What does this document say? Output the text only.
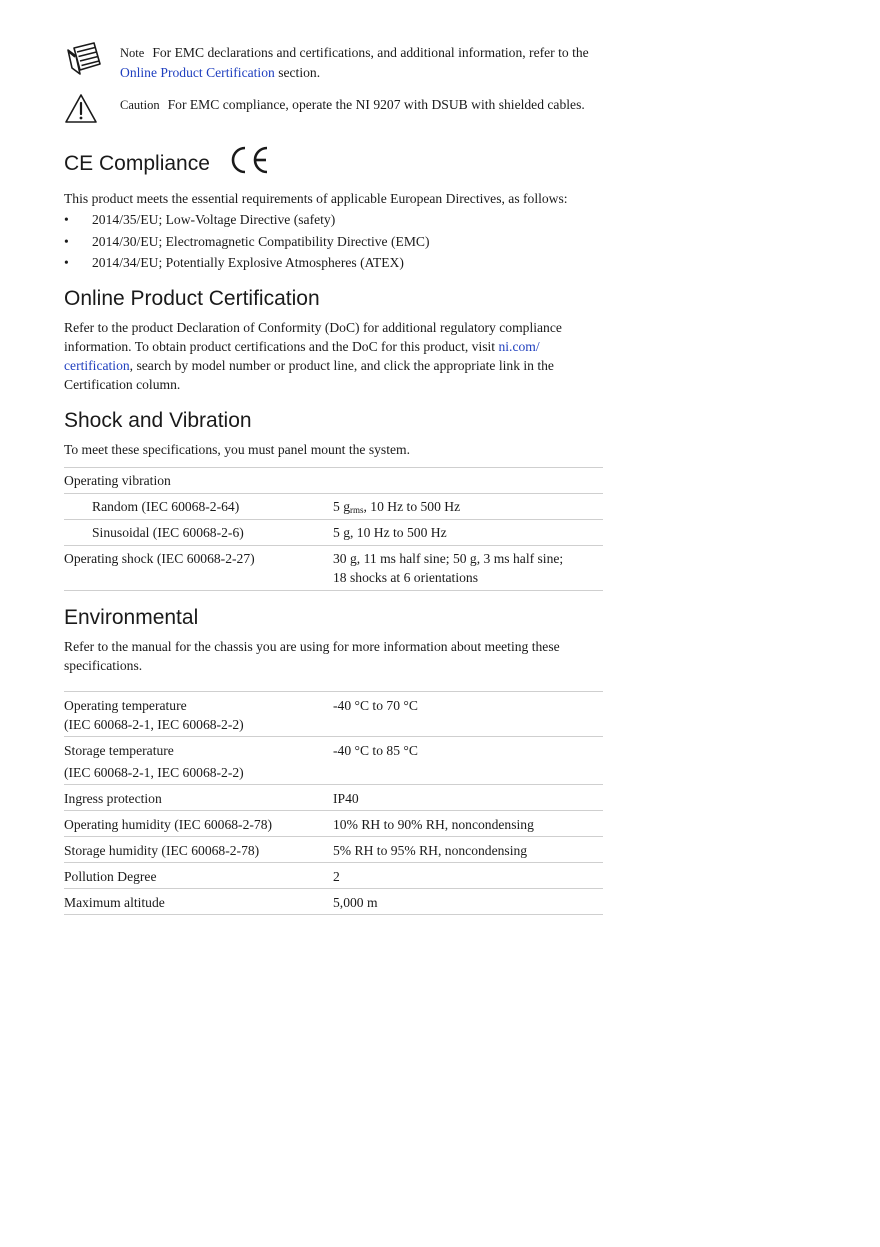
Note For EMC declarations and certifications, and additional information, refer to the Online Product Certification section.
Caution For EMC compliance, operate the NI 9207 with DSUB with shielded cables.
CE Compliance

This product meets the essential requirements of applicable European Directives, as follows:

•	2014/35/EU; Low-Voltage Directive (safety)
•	2014/30/EU; Electromagnetic Compatibility Directive (EMC)
•	2014/34/EU; Potentially Explosive Atmospheres (ATEX)
Online Product Certification

Refer to the product Declaration of Conformity (DoC) for additional regulatory compliance information. To obtain product certifications and the DoC for this product, visit ni.com/ certification, search by model number or product line, and click the appropriate link in the Certification column.

Shock and Vibration

To meet these specifications, you must panel mount the system.

Operating vibration	
Random (IEC 60068-2-64)	5 $g_{rms}$, 10 Hz to 500 Hz
Sinusoidal (IEC 60068-2-6)	5 g, 10 Hz to 500 Hz
Operating shock (IEC 60068-2-27)	30 g, 11 ms half sine; 50 g, 3 ms half sine;
18 shocks at 6 orientations
Environmental

Refer to the manual for the chassis you are using for more information about meeting these specifications.

Operating temperature
(IEC 60068-2-1, IEC 60068-2-2)	-40 °C to 70 °C

Storage temperature
(IEC 60068-2-1, IEC 60068-2-2)	-40 °C to 85 °C
Ingress protection	IP40
Operating humidity (IEC 60068-2-78)	10% RH to 90% RH, noncondensing
Storage humidity (IEC 60068-2-78)	5% RH to 95% RH, noncondensing
Pollution Degree	2
Maximum altitude	5,000 m
